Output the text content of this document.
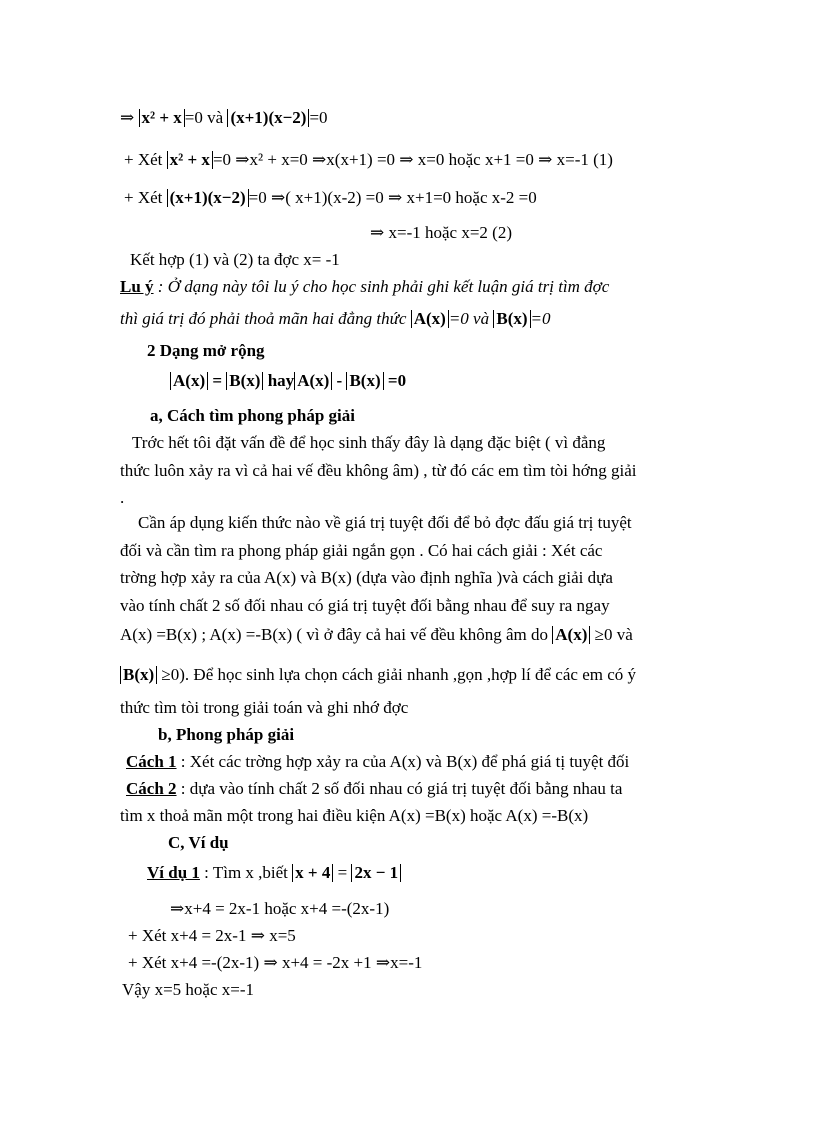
⇒ x² + x =0 và (x+1)(x−2) =0
+ Xét x² + x =0 ⇒x² + x=0 ⇒x(x+1) =0 ⇒ x=0 hoặc x+1 =0 ⇒ x=-1 (1)
+ Xét (x+1)(x−2) =0 ⇒( x+1)(x-2) =0 ⇒ x+1=0 hoặc x-2 =0
⇒ x=-1 hoặc x=2 (2)
Kết hợp (1) và (2) ta đợc x= -1
Lu ý : Ở dạng này tôi lu ý cho học sinh phải ghi kết luận giá trị tìm đợc
thì giá trị đó phải thoả mãn hai đẳng thức A(x) =0 và B(x) =0
2 Dạng mở rộng
A(x) = B(x) hay A(x) - B(x) =0
a, Cách tìm phong pháp giải
Trớc hết tôi đặt vấn đề để học sinh thấy đây là dạng đặc biệt ( vì đẳng
thức luôn xảy ra vì cả hai vế đều không âm) , từ đó các em tìm tòi hớng giải
.
Cần áp dụng kiến thức nào về giá trị tuyệt đối để bỏ đợc đấu giá trị tuyệt
đối và cần tìm ra phong pháp giải ngắn gọn . Có hai cách giải : Xét các
trờng hợp xảy ra của A(x) và B(x) (dựa vào định nghĩa )và cách giải dựa
vào tính chất 2 số đối nhau có giá trị tuyệt đối bằng nhau để suy ra ngay
A(x) =B(x) ; A(x) =-B(x) ( vì ở đây cả hai vế đều không âm do A(x) ≥0 và
B(x) ≥0). Để học sinh lựa chọn cách giải nhanh ,gọn ,hợp lí để các em có ý
thức tìm tòi trong giải toán và ghi nhớ đợc
b, Phong pháp giải
Cách 1 : Xét các trờng hợp xảy ra của A(x) và B(x) để phá giá tị tuyệt đối
Cách 2 : dựa vào tính chất 2 số đối nhau có giá trị tuyệt đối bằng nhau ta
tìm x thoả mãn một trong hai điều kiện A(x) =B(x) hoặc A(x) =-B(x)
C, Ví dụ
Ví dụ 1 : Tìm x ,biết x + 4 = 2x − 1
⇒x+4 = 2x-1 hoặc x+4 =-(2x-1)
+ Xét x+4 = 2x-1 ⇒ x=5
+ Xét x+4 =-(2x-1) ⇒ x+4 = -2x +1 ⇒x=-1
Vậy x=5 hoặc x=-1
